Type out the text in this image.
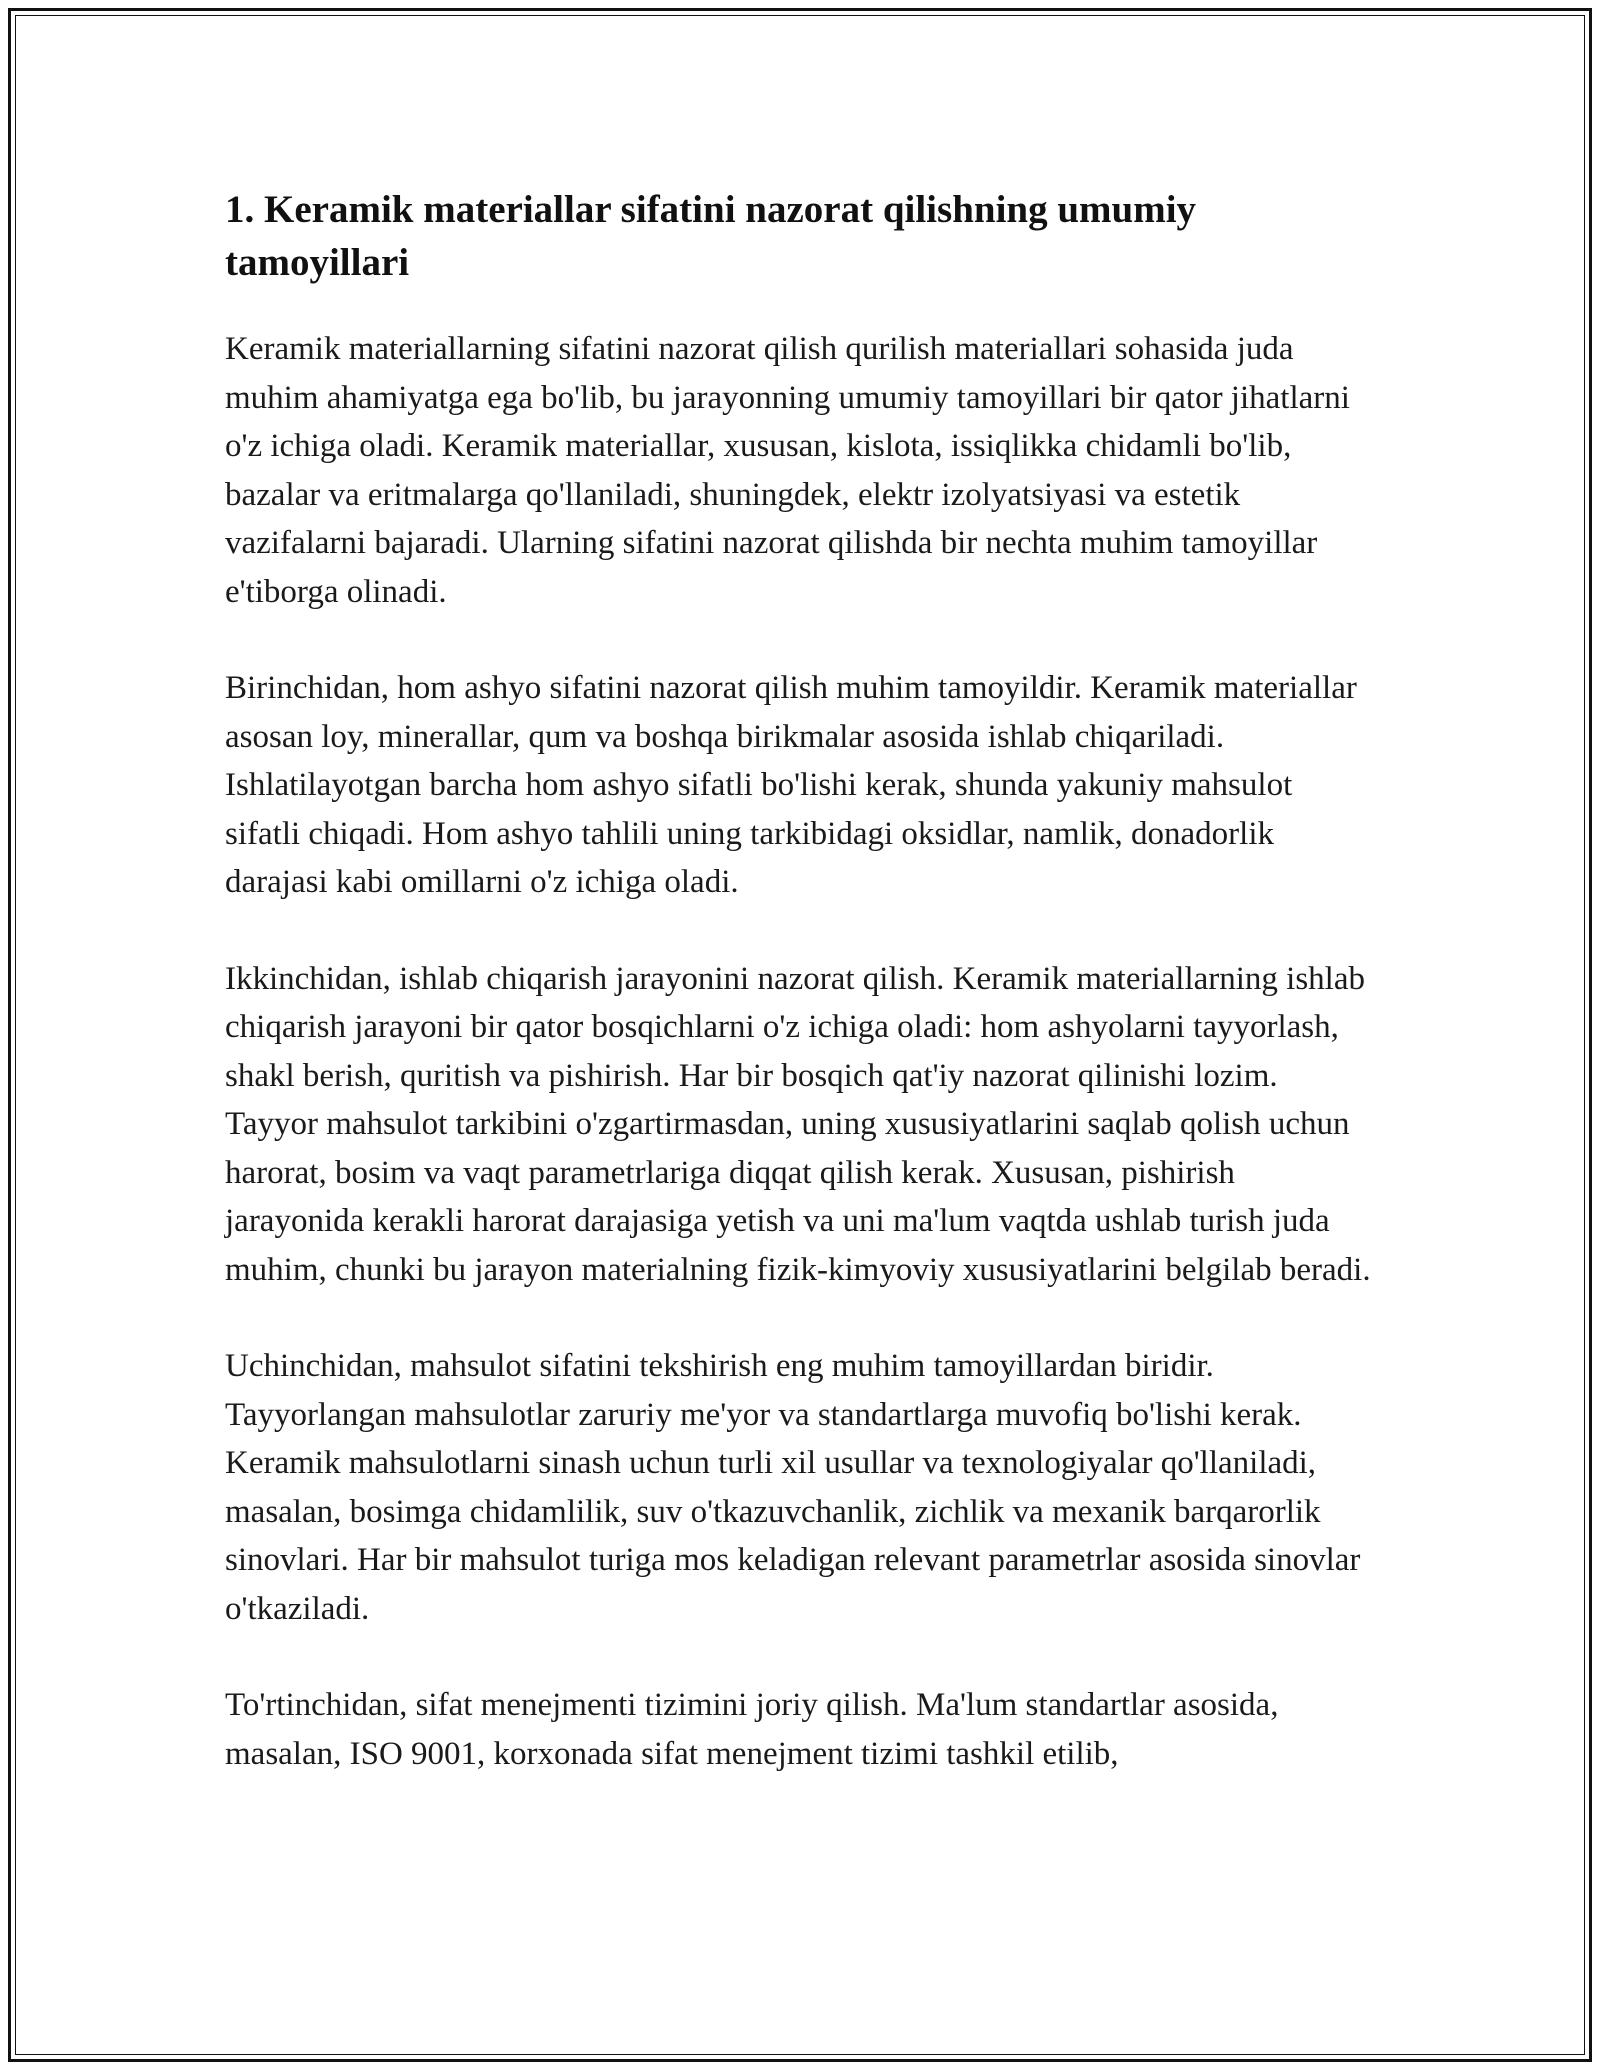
1. Keramik materiallar sifatini nazorat qilishning umumiy tamoyillari

Keramik materiallarning sifatini nazorat qilish qurilish materiallari sohasida juda muhim ahamiyatga ega bo'lib, bu jarayonning umumiy tamoyillari bir qator jihatlarni o'z ichiga oladi. Keramik materiallar, xususan, kislota, issiqlikka chidamli bo'lib, bazalar va eritmalarga qo'llaniladi, shuningdek, elektr izolyatsiyasi va estetik vazifalarni bajaradi. Ularning sifatini nazorat qilishda bir nechta muhim tamoyillar e'tiborga olinadi.

Birinchidan, hom ashyo sifatini nazorat qilish muhim tamoyildir. Keramik materiallar asosan loy, minerallar, qum va boshqa birikmalar asosida ishlab chiqariladi. Ishlatilayotgan barcha hom ashyo sifatli bo'lishi kerak, shunda yakuniy mahsulot sifatli chiqadi. Hom ashyo tahlili uning tarkibidagi oksidlar, namlik, donadorlik darajasi kabi omillarni o'z ichiga oladi.

Ikkinchidan, ishlab chiqarish jarayonini nazorat qilish. Keramik materiallarning ishlab chiqarish jarayoni bir qator bosqichlarni o'z ichiga oladi: hom ashyolarni tayyorlash, shakl berish, quritish va pishirish. Har bir bosqich qat'iy nazorat qilinishi lozim. Tayyor mahsulot tarkibini o'zgartirmasdan, uning xususiyatlarini saqlab qolish uchun harorat, bosim va vaqt parametrlariga diqqat qilish kerak. Xususan, pishirish jarayonida kerakli harorat darajasiga yetish va uni ma'lum vaqtda ushlab turish juda muhim, chunki bu jarayon materialning fizik-kimyoviy xususiyatlarini belgilab beradi.

Uchinchidan, mahsulot sifatini tekshirish eng muhim tamoyillardan biridir. Tayyorlangan mahsulotlar zaruriy me'yor va standartlarga muvofiq bo'lishi kerak. Keramik mahsulotlarni sinash uchun turli xil usullar va texnologiyalar qo'llaniladi, masalan, bosimga chidamlilik, suv o'tkazuvchanlik, zichlik va mexanik barqarorlik sinovlari. Har bir mahsulot turiga mos keladigan relevant parametrlar asosida sinovlar o'tkaziladi.

To'rtinchidan, sifat menejmenti tizimini joriy qilish. Ma'lum standartlar asosida, masalan, ISO 9001, korxonada sifat menejment tizimi tashkil etilib,
